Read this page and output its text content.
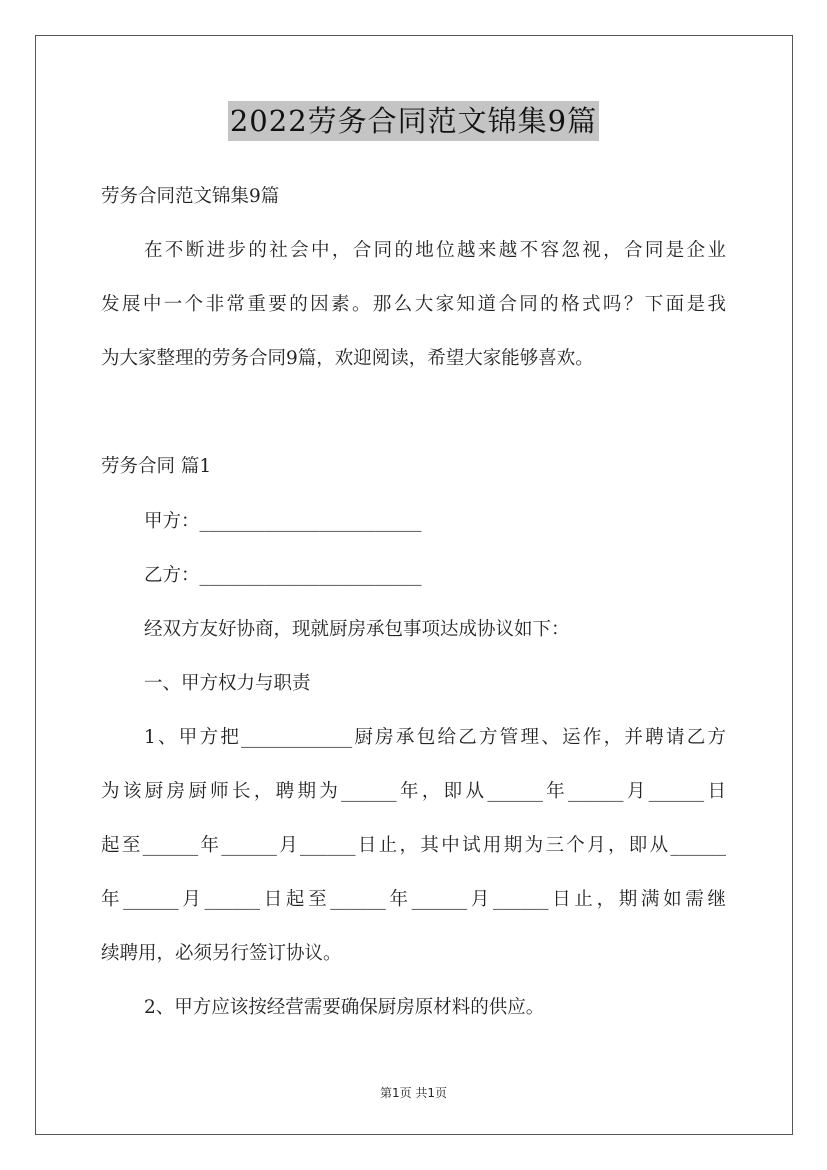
2022劳务合同范文锦集9篇
劳务合同范文锦集9篇
在不断进步的社会中，合同的地位越来越不容忽视，合同是企业
发展中一个非常重要的因素。那么大家知道合同的格式吗？下面是我
为大家整理的劳务合同9篇，欢迎阅读，希望大家能够喜欢。
劳务合同 篇1
甲方：________________________
乙方：________________________
经双方友好协商，现就厨房承包事项达成协议如下：
一、甲方权力与职责
1、甲方把____________厨房承包给乙方管理、运作，并聘请乙方
为该厨房厨师长，聘期为______年，即从______年______月______日
起至______年______月______日止，其中试用期为三个月，即从______
年______月______日起至______年______月______日止，期满如需继
续聘用，必须另行签订协议。
2、甲方应该按经营需要确保厨房原材料的供应。
第1页 共1页
